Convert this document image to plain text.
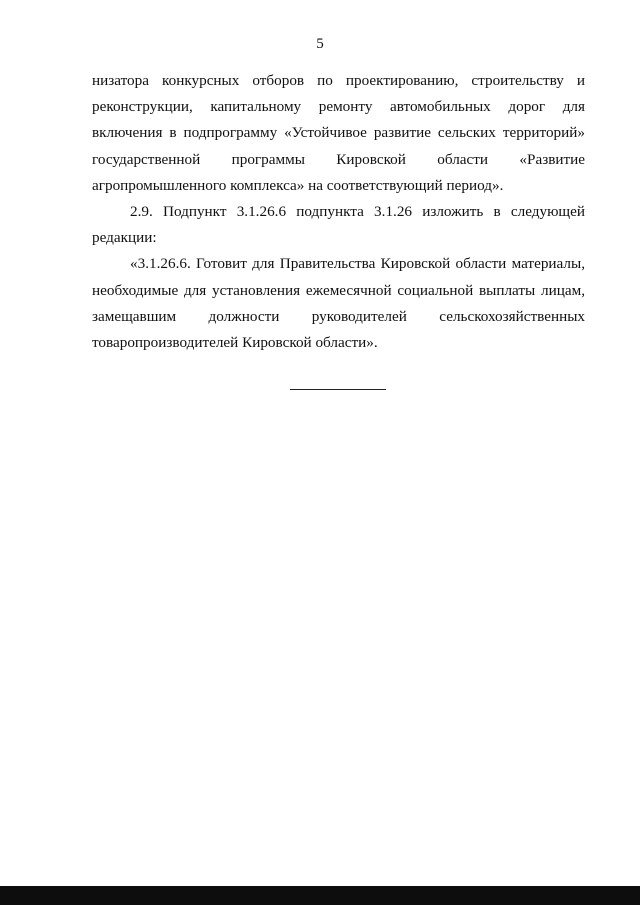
5

низатора конкурсных отборов по проектированию, строительству и реконструкции, капитальному ремонту автомобильных дорог для включения в подпрограмму «Устойчивое развитие сельских территорий» государственной программы Кировской области «Развитие агропромышленного комплекса» на соответствующий период».

2.9. Подпункт 3.1.26.6 подпункта 3.1.26 изложить в следующей редакции:

«3.1.26.6. Готовит для Правительства Кировской области материалы, необходимые для установления ежемесячной социальной выплаты лицам, замещавшим должности руководителей сельскохозяйственных товаропроизводителей Кировской области».
